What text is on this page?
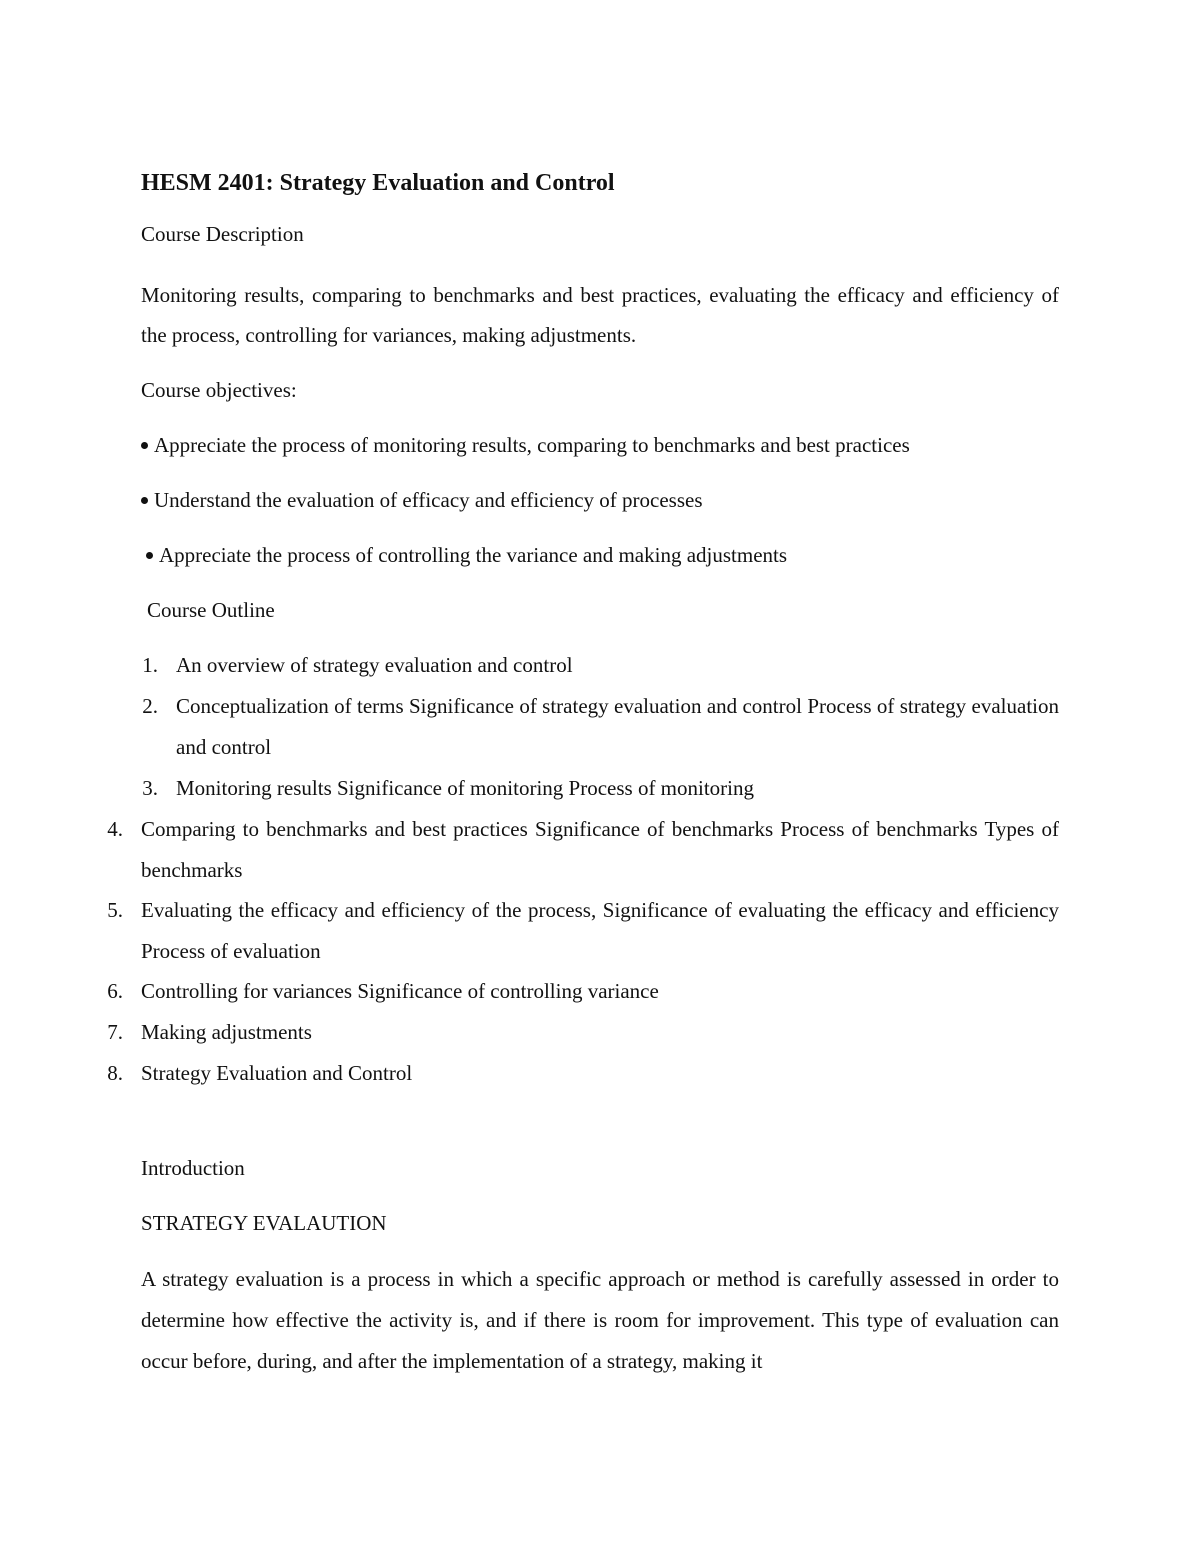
HESM 2401: Strategy Evaluation and Control

Course Description

Monitoring results, comparing to benchmarks and best practices, evaluating the efficacy and efficiency of the process, controlling for variances, making adjustments.

Course objectives:

Appreciate the process of monitoring results, comparing to benchmarks and best practices

Understand the evaluation of efficacy and efficiency of processes

Appreciate the process of controlling the variance and making adjustments

Course Outline

1. An overview of strategy evaluation and control
2. Conceptualization of terms Significance of strategy evaluation and control Process of strategy evaluation and control
3. Monitoring results Significance of monitoring Process of monitoring
4. Comparing to benchmarks and best practices Significance of benchmarks Process of benchmarks Types of benchmarks
5. Evaluating the efficacy and efficiency of the process, Significance of evaluating the efficacy and efficiency Process of evaluation
6. Controlling for variances Significance of controlling variance
7. Making adjustments
8. Strategy Evaluation and Control

Introduction

STRATEGY EVALAUTION

A strategy evaluation is a process in which a specific approach or method is carefully assessed in order to determine how effective the activity is, and if there is room for improvement. This type of evaluation can occur before, during, and after the implementation of a strategy, making it
